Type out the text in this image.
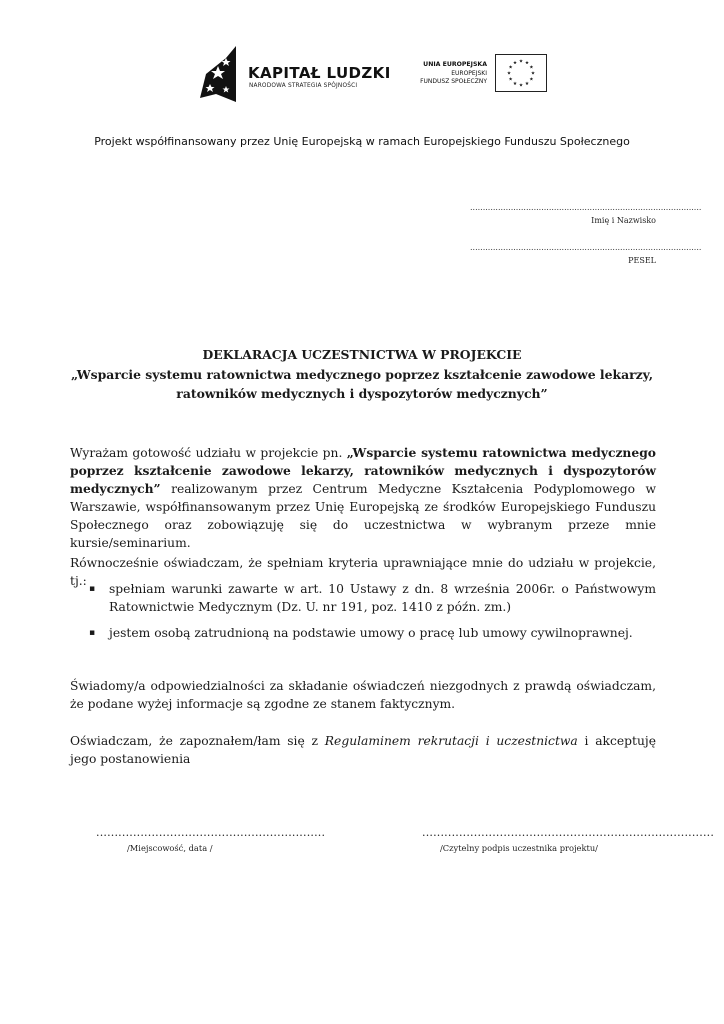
KAPITAŁ LUDZKI
NARODOWA STRATEGIA SPÓJNOŚCI
UNIA EUROPEJSKA
EUROPEJSKI
FUNDUSZ SPOŁECZNY
Projekt współfinansowany przez Unię Europejską w ramach Europejskiego Funduszu Społecznego
...........................................................................................
Imię i Nazwisko
...........................................................................................
PESEL
DEKLARACJA UCZESTNICTWA W PROJEKCIE
„Wsparcie systemu ratownictwa medycznego poprzez kształcenie zawodowe lekarzy,
ratowników medycznych i dyspozytorów medycznych”
Wyrażam gotowość udziału w projekcie pn. „Wsparcie systemu ratownictwa medycznego poprzez kształcenie zawodowe lekarzy, ratowników medycznych i dyspozytorów medycznych” realizowanym przez Centrum Medyczne Kształcenia Podyplomowego w Warszawie, współfinansowanym przez Unię Europejską ze środków Europejskiego Funduszu Społecznego oraz zobowiązuję się do uczestnictwa w wybranym przeze mnie kursie/seminarium.
Równocześnie oświadczam, że spełniam kryteria uprawniające mnie do udziału w projekcie, tj.:
▪ spełniam warunki zawarte w art. 10 Ustawy z dn. 8 września 2006r. o Państwowym Ratownictwie Medycznym (Dz. U. nr 191, poz. 1410 z późn. zm.)
▪ jestem osobą zatrudnioną na podstawie umowy o pracę lub umowy cywilnoprawnej.
Świadomy/a odpowiedzialności za składanie oświadczeń niezgodnych z prawdą oświadczam, że podane wyżej informacje są zgodne ze stanem faktycznym.
Oświadczam, że zapoznałem/łam się z Regulaminem rekrutacji i uczestnictwa i akceptuję jego postanowienia
..............................................................
/Miejscowość, data /
...............................................................................
/Czytelny podpis uczestnika projektu/
